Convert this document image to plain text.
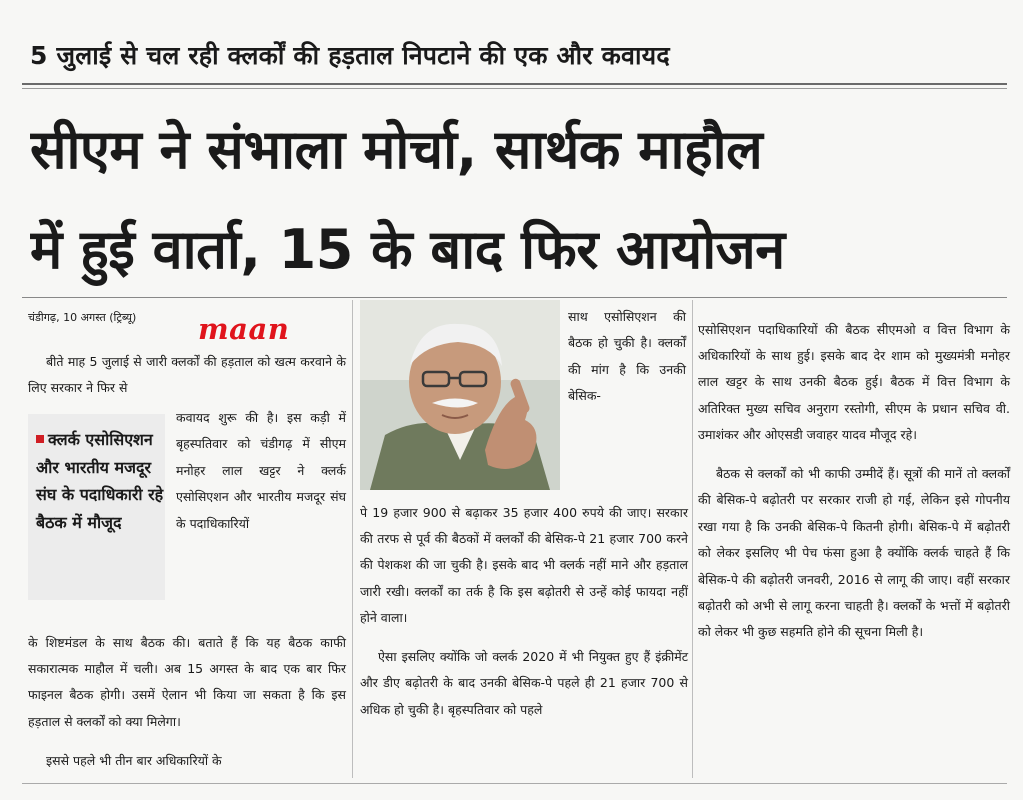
5 जुलाई से चल रही क्लर्कों की हड़ताल निपटाने की एक और कवायद
सीएम ने संभाला मोर्चा, सार्थक माहौल
में हुई वार्ता, 15 के बाद फिर आयोजन
चंडीगढ़, 10 अगस्त (ट्रिब्यू) maan

बीते माह 5 जुलाई से जारी क्लर्कों की हड़ताल को खत्म करवाने के लिए सरकार ने फिर से

क्लर्क एसोसिएशन और भारतीय मजदूर संघ के पदाधिकारी रहे बैठक में मौजूद
कवायद शुरू की है। इस कड़ी में बृहस्पतिवार को चंडीगढ़ में सीएम मनोहर लाल खट्टर ने क्लर्क एसोसिएशन और भारतीय मजदूर संघ के पदाधिकारियों

के शिष्टमंडल के साथ बैठक की। बताते हैं कि यह बैठक काफी सकारात्मक माहौल में चली। अब 15 अगस्त के बाद एक बार फिर फाइनल बैठक होगी। उसमें ऐलान भी किया जा सकता है कि इस हड़ताल से क्लर्कों को क्या मिलेगा।

इससे पहले भी तीन बार अधिकारियों के

साथ एसोसिएशन की बैठक हो चुकी है। क्लर्कों की मांग है कि उनकी बेसिक-

पे 19 हजार 900 से बढ़ाकर 35 हजार 400 रुपये की जाए। सरकार की तरफ से पूर्व की बैठकों में क्लर्कों की बेसिक-पे 21 हजार 700 करने की पेशकश की जा चुकी है। इसके बाद भी क्लर्क नहीं माने और हड़ताल जारी रखी। क्लर्कों का तर्क है कि इस बढ़ोतरी से उन्हें कोई फायदा नहीं होने वाला।

ऐसा इसलिए क्योंकि जो क्लर्क 2020 में भी नियुक्त हुए हैं इंक्रीमेंट और डीए बढ़ोतरी के बाद उनकी बेसिक-पे पहले ही 21 हजार 700 से अधिक हो चुकी है। बृहस्पतिवार को पहले

एसोसिएशन पदाधिकारियों की बैठक सीएमओ व वित्त विभाग के अधिकारियों के साथ हुई। इसके बाद देर शाम को मुख्यमंत्री मनोहर लाल खट्टर के साथ उनकी बैठक हुई। बैठक में वित्त विभाग के अतिरिक्त मुख्य सचिव अनुराग रस्तोगी, सीएम के प्रधान सचिव वी. उमाशंकर और ओएसडी जवाहर यादव मौजूद रहे।

बैठक से क्लर्कों को भी काफी उम्मीदें हैं। सूत्रों की मानें तो क्लर्कों की बेसिक-पे बढ़ोतरी पर सरकार राजी हो गई, लेकिन इसे गोपनीय रखा गया है कि उनकी बेसिक-पे कितनी होगी। बेसिक-पे में बढ़ोतरी को लेकर इसलिए भी पेच फंसा हुआ है क्योंकि क्लर्क चाहते हैं कि बेसिक-पे की बढ़ोतरी जनवरी, 2016 से लागू की जाए। वहीं सरकार बढ़ोतरी को अभी से लागू करना चाहती है। क्लर्कों के भत्तों में बढ़ोतरी को लेकर भी कुछ सहमति होने की सूचना मिली है।
